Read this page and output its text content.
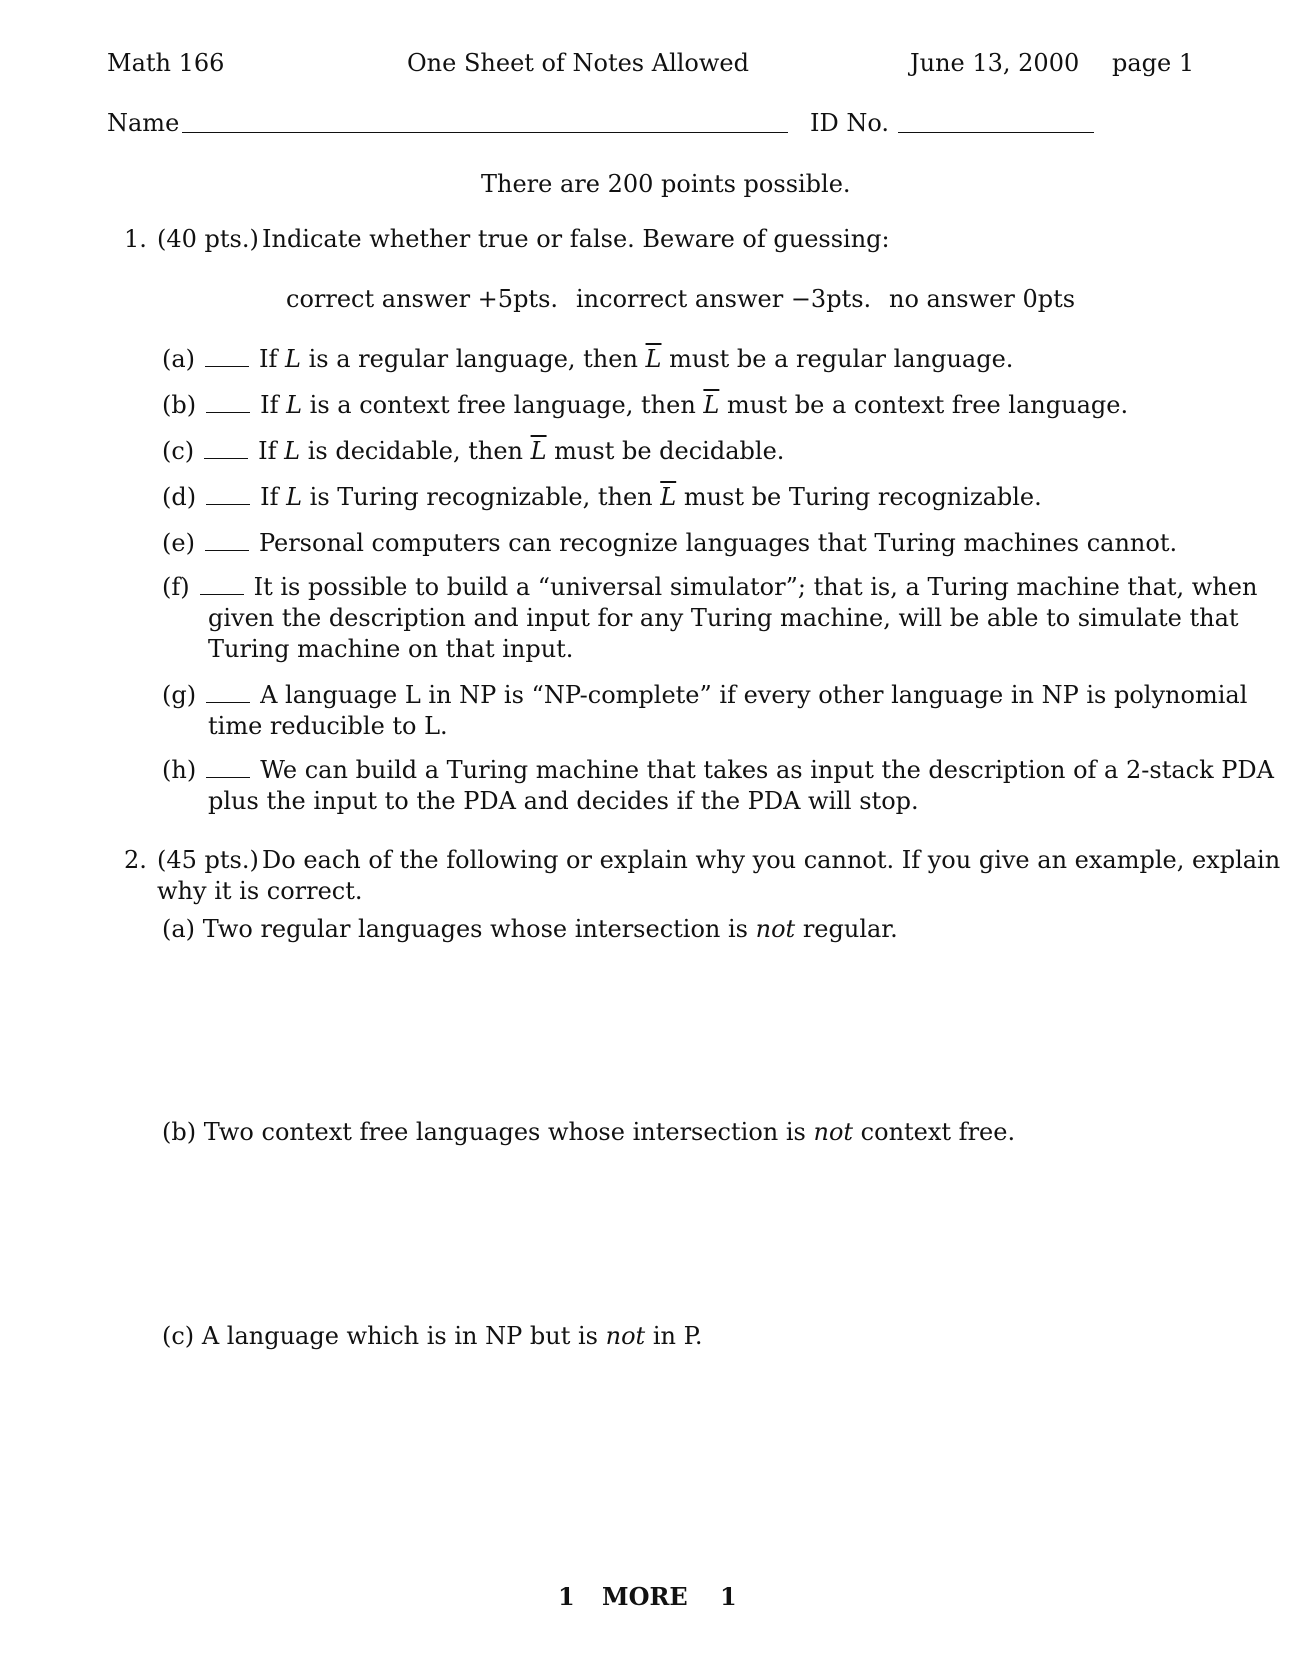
Math 166	One Sheet of Notes Allowed	June 13, 2000 page 1
Name	ID No.
There are 200 points possible.
1. (40 pts.) Indicate whether true or false. Beware of guessing:
correct answer +5pts. incorrect answer −3pts. no answer 0pts
(a)	If L is a regular language, then $\overline{L}$ must be a regular language.
(b)	If L is a context free language, then $\overline{L}$ must be a context free language.
(c)	If L is decidable, then $\overline{L}$ must be decidable.
(d)	If L is Turing recognizable, then $\overline{L}$ must be Turing recognizable.
(e)	Personal computers can recognize languages that Turing machines cannot.
(f)	It is possible to build a “universal simulator”; that is, a Turing machine that, when
given the description and input for any Turing machine, will be able to simulate that
Turing machine on that input.
(g)	A language L in NP is “NP-complete” if every other language in NP is polynomial
time reducible to L.
(h)	We can build a Turing machine that takes as input the description of a 2-stack PDA
plus the input to the PDA and decides if the PDA will stop.
2. (45 pts.) Do each of the following or explain why you cannot. If you give an example, explain
why it is correct.
(a) Two regular languages whose intersection is not regular.
(b) Two context free languages whose intersection is not context free.
(c) A language which is in NP but is not in P.
1 MORE 1
